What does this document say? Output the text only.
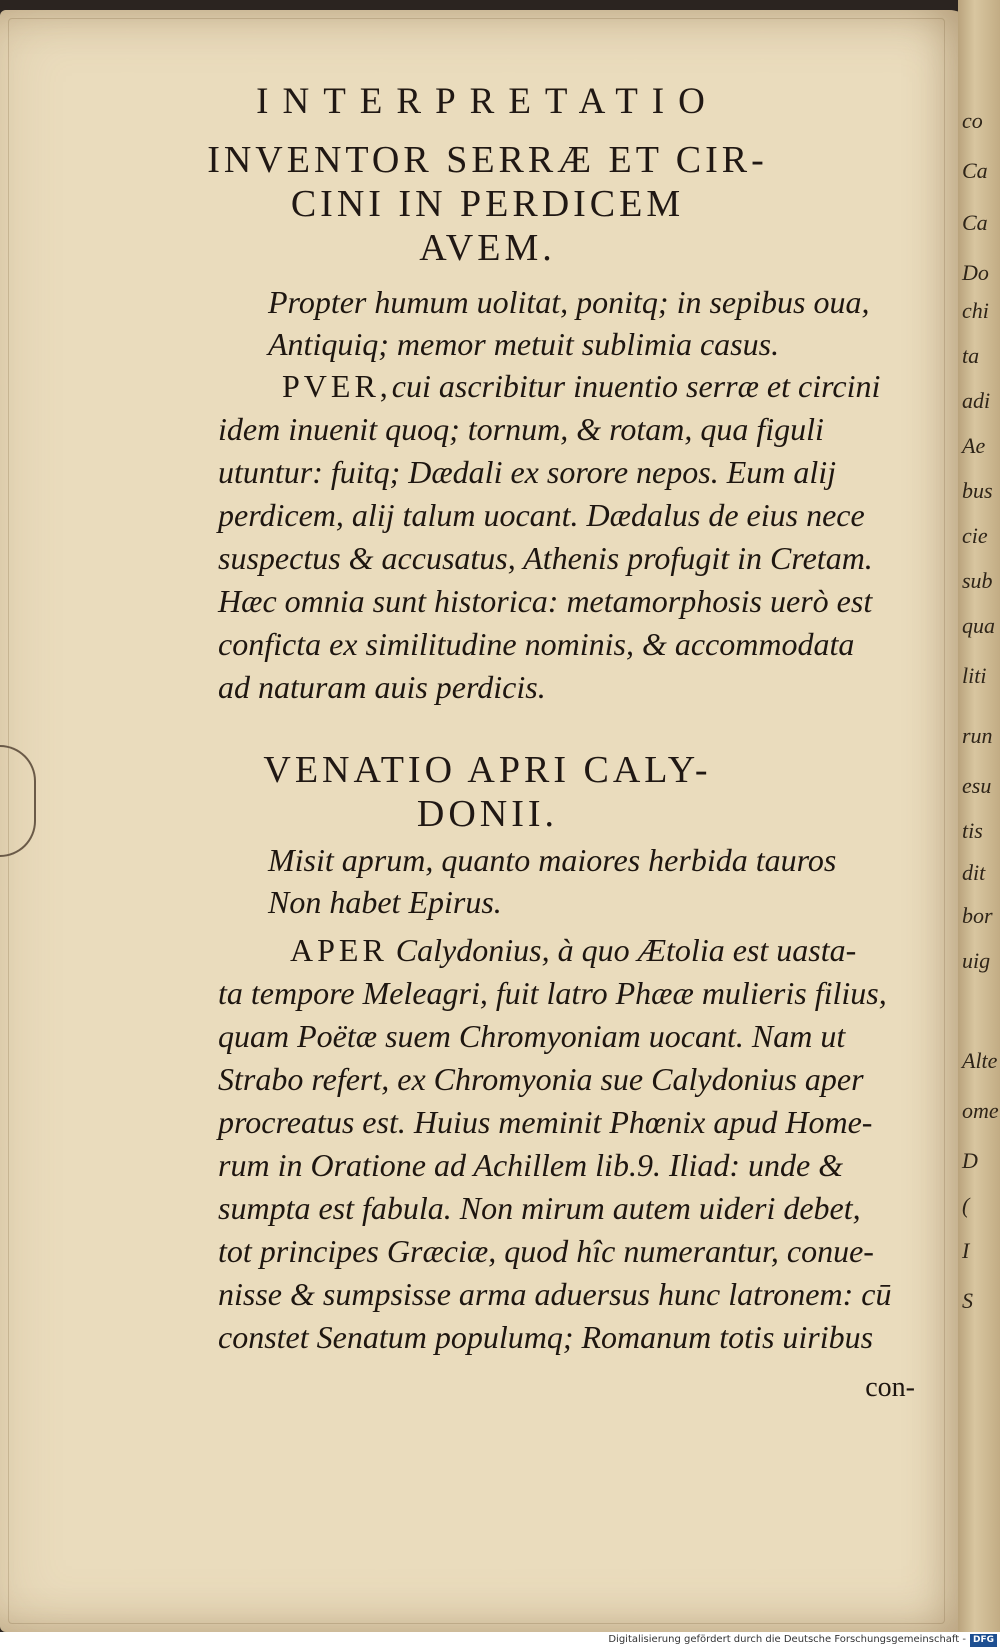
INTERPRETATIO
INVENTOR SERRÆ ET CIR-
CINI IN PERDICEM
AVEM.
Propter humum uolitat, ponitq; in sepibus oua,
Antiquiq; memor metuit sublimia casus.
PVER,cui ascribitur inuentio serræ et circini
idem inuenit quoq; tornum, & rotam, qua figuli
utuntur: fuitq; Dædali ex sorore nepos. Eum alij
perdicem, alij talum uocant. Dædalus de eius nece
suspectus & accusatus, Athenis profugit in Cretam.
Hæc omnia sunt historica: metamorphosis uerò est
conficta ex similitudine nominis, & accommodata
ad naturam auis perdicis.
VENATIO APRI CALY-
DONII.
Misit aprum, quanto maiores herbida tauros
Non habet Epirus.
APER Calydonius, à quo Ætolia est uasta-
ta tempore Meleagri, fuit latro Phææ mulieris filius,
quam Poëtæ suem Chromyoniam uocant. Nam ut
Strabo refert, ex Chromyonia sue Calydonius aper
procreatus est. Huius meminit Phœnix apud Home-
rum in Oratione ad Achillem lib.9. Iliad: unde &
sumpta est fabula. Non mirum autem uideri debet,
tot principes Græciæ, quod hîc numerantur, conue-
nisse & sumpsisse arma aduersus hunc latronem: cū
constet Senatum populumq; Romanum totis uiribus
con-
co
Ca
Ca
Do
chi
ta
adi
Ae
bus
cie
sub
qua
liti
run
esu
tis
dit
bor
uig
Alte
ome
D
(
I
S
Digitalisierung gefördert durch die Deutsche Forschungsgemeinschaft - DFG
